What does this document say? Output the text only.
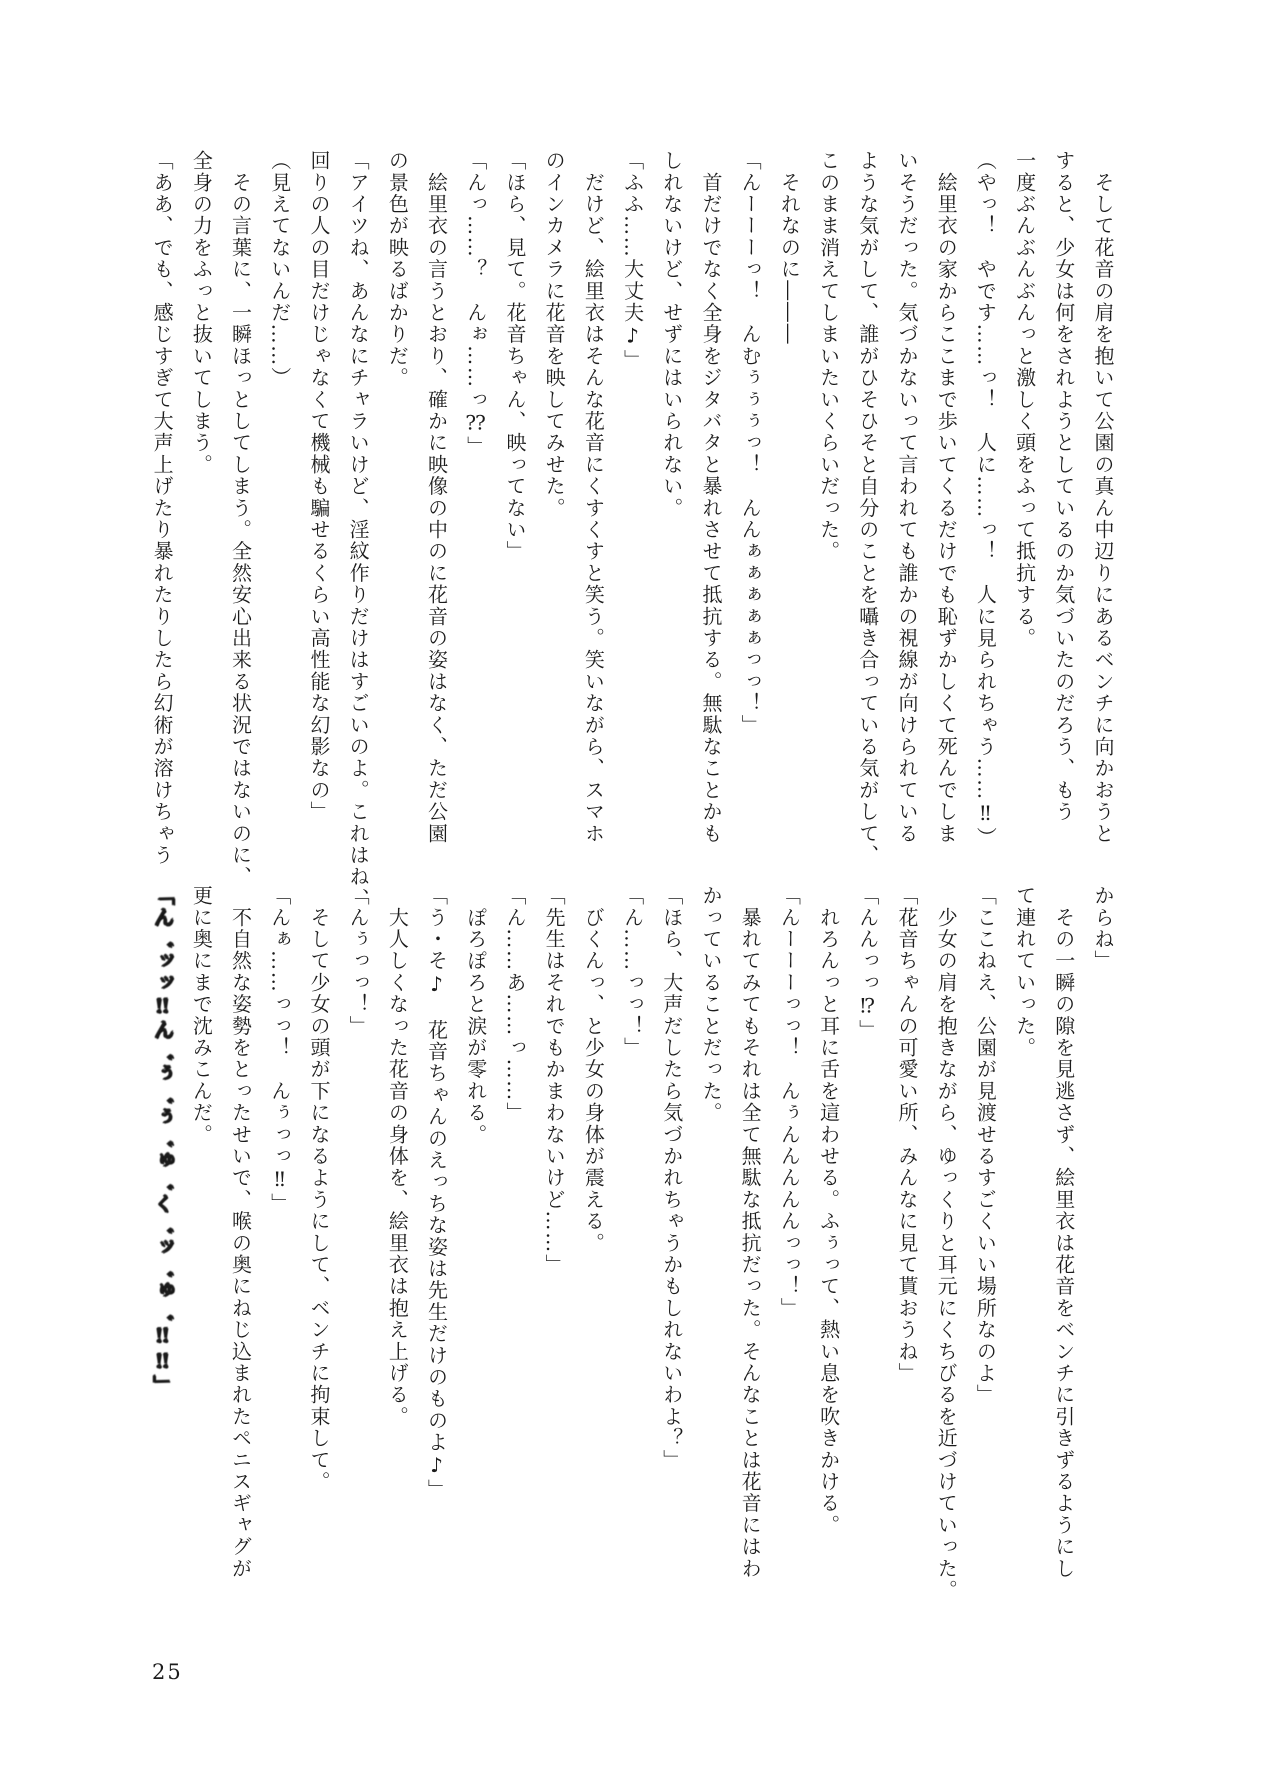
　そして花音の肩を抱いて公園の真ん中辺りにあるベンチに向かおうと

すると、少女は何をされようとしているのか気づいたのだろう、もう

一度ぶんぶんぶんっと激しく頭をふって抵抗する。

（やっ！　やです……っ！　人に……っ！　人に見られちゃう……‼）

　絵里衣の家からここまで歩いてくるだけでも恥ずかしくて死んでしま

いそうだった。気づかないって言われても誰かの視線が向けられている

ような気がして、誰がひそひそと自分のことを囁き合っている気がして、

このまま消えてしまいたいくらいだった。

　それなのに―――

「んーーーっ！　んむぅぅぅっ！　んんぁぁぁぁぁっっ！」

　首だけでなく全身をジタバタと暴れさせて抵抗する。無駄なことかも

しれないけど、せずにはいられない。

「ふふ……大丈夫♪」

　だけど、絵里衣はそんな花音にくすくすと笑う。笑いながら、スマホ

のインカメラに花音を映してみせた。

「ほら、見て。花音ちゃん、映ってない」

「んっ……？　んぉ……っ⁇」

　絵里衣の言うとおり、確かに映像の中のに花音の姿はなく、ただ公園

の景色が映るばかりだ。

「アイツね、あんなにチャラいけど、淫紋作りだけはすごいのよ。これはね、

回りの人の目だけじゃなくて機械も騙せるくらい高性能な幻影なの」

（見えてないんだ……）

　その言葉に、一瞬ほっとしてしまう。全然安心出来る状況ではないのに、

全身の力をふっと抜いてしまう。

「ああ、でも、感じすぎて大声上げたり暴れたりしたら幻術が溶けちゃう

からね」

　その一瞬の隙を見逃さず、絵里衣は花音をベンチに引きずるようにし

て連れていった。

「ここねえ、公園が見渡せるすごくいい場所なのよ」

　少女の肩を抱きながら、ゆっくりと耳元にくちびるを近づけていった。

「花音ちゃんの可愛い所、みんなに見て貰おうね」

「んんっっ⁉」

　れろんっと耳に舌を這わせる。ふぅって、熱い息を吹きかける。

「んーーーっっ！　んぅんんんんんっっ！」

　暴れてみてもそれは全て無駄な抵抗だった。そんなことは花音にはわ

かっていることだった。

「ほら、大声だしたら気づかれちゃうかもしれないわよ？」

「ん……っっ！」

　びくんっ、と少女の身体が震える。

「先生はそれでもかまわないけど……」

「ん……あ……っ……」

　ぽろぽろと涙が零れる。

「う・そ♪　花音ちゃんのえっちな姿は先生だけのものよ♪」

　大人しくなった花音の身体を、絵里衣は抱え上げる。

「んぅっっ！」

　そして少女の頭が下になるようにして、ベンチに拘束して。

「んぁ……っっ！　んぅっっ‼」

　不自然な姿勢をとったせいで、喉の奥にねじ込まれたペニスギャグが

更に奥にまで沈みこんだ。

「ん゛ッッ‼ん゛ぅ゛ぅ゛ゅ゛く゛ッ゛ゅ゛‼‼」

25
